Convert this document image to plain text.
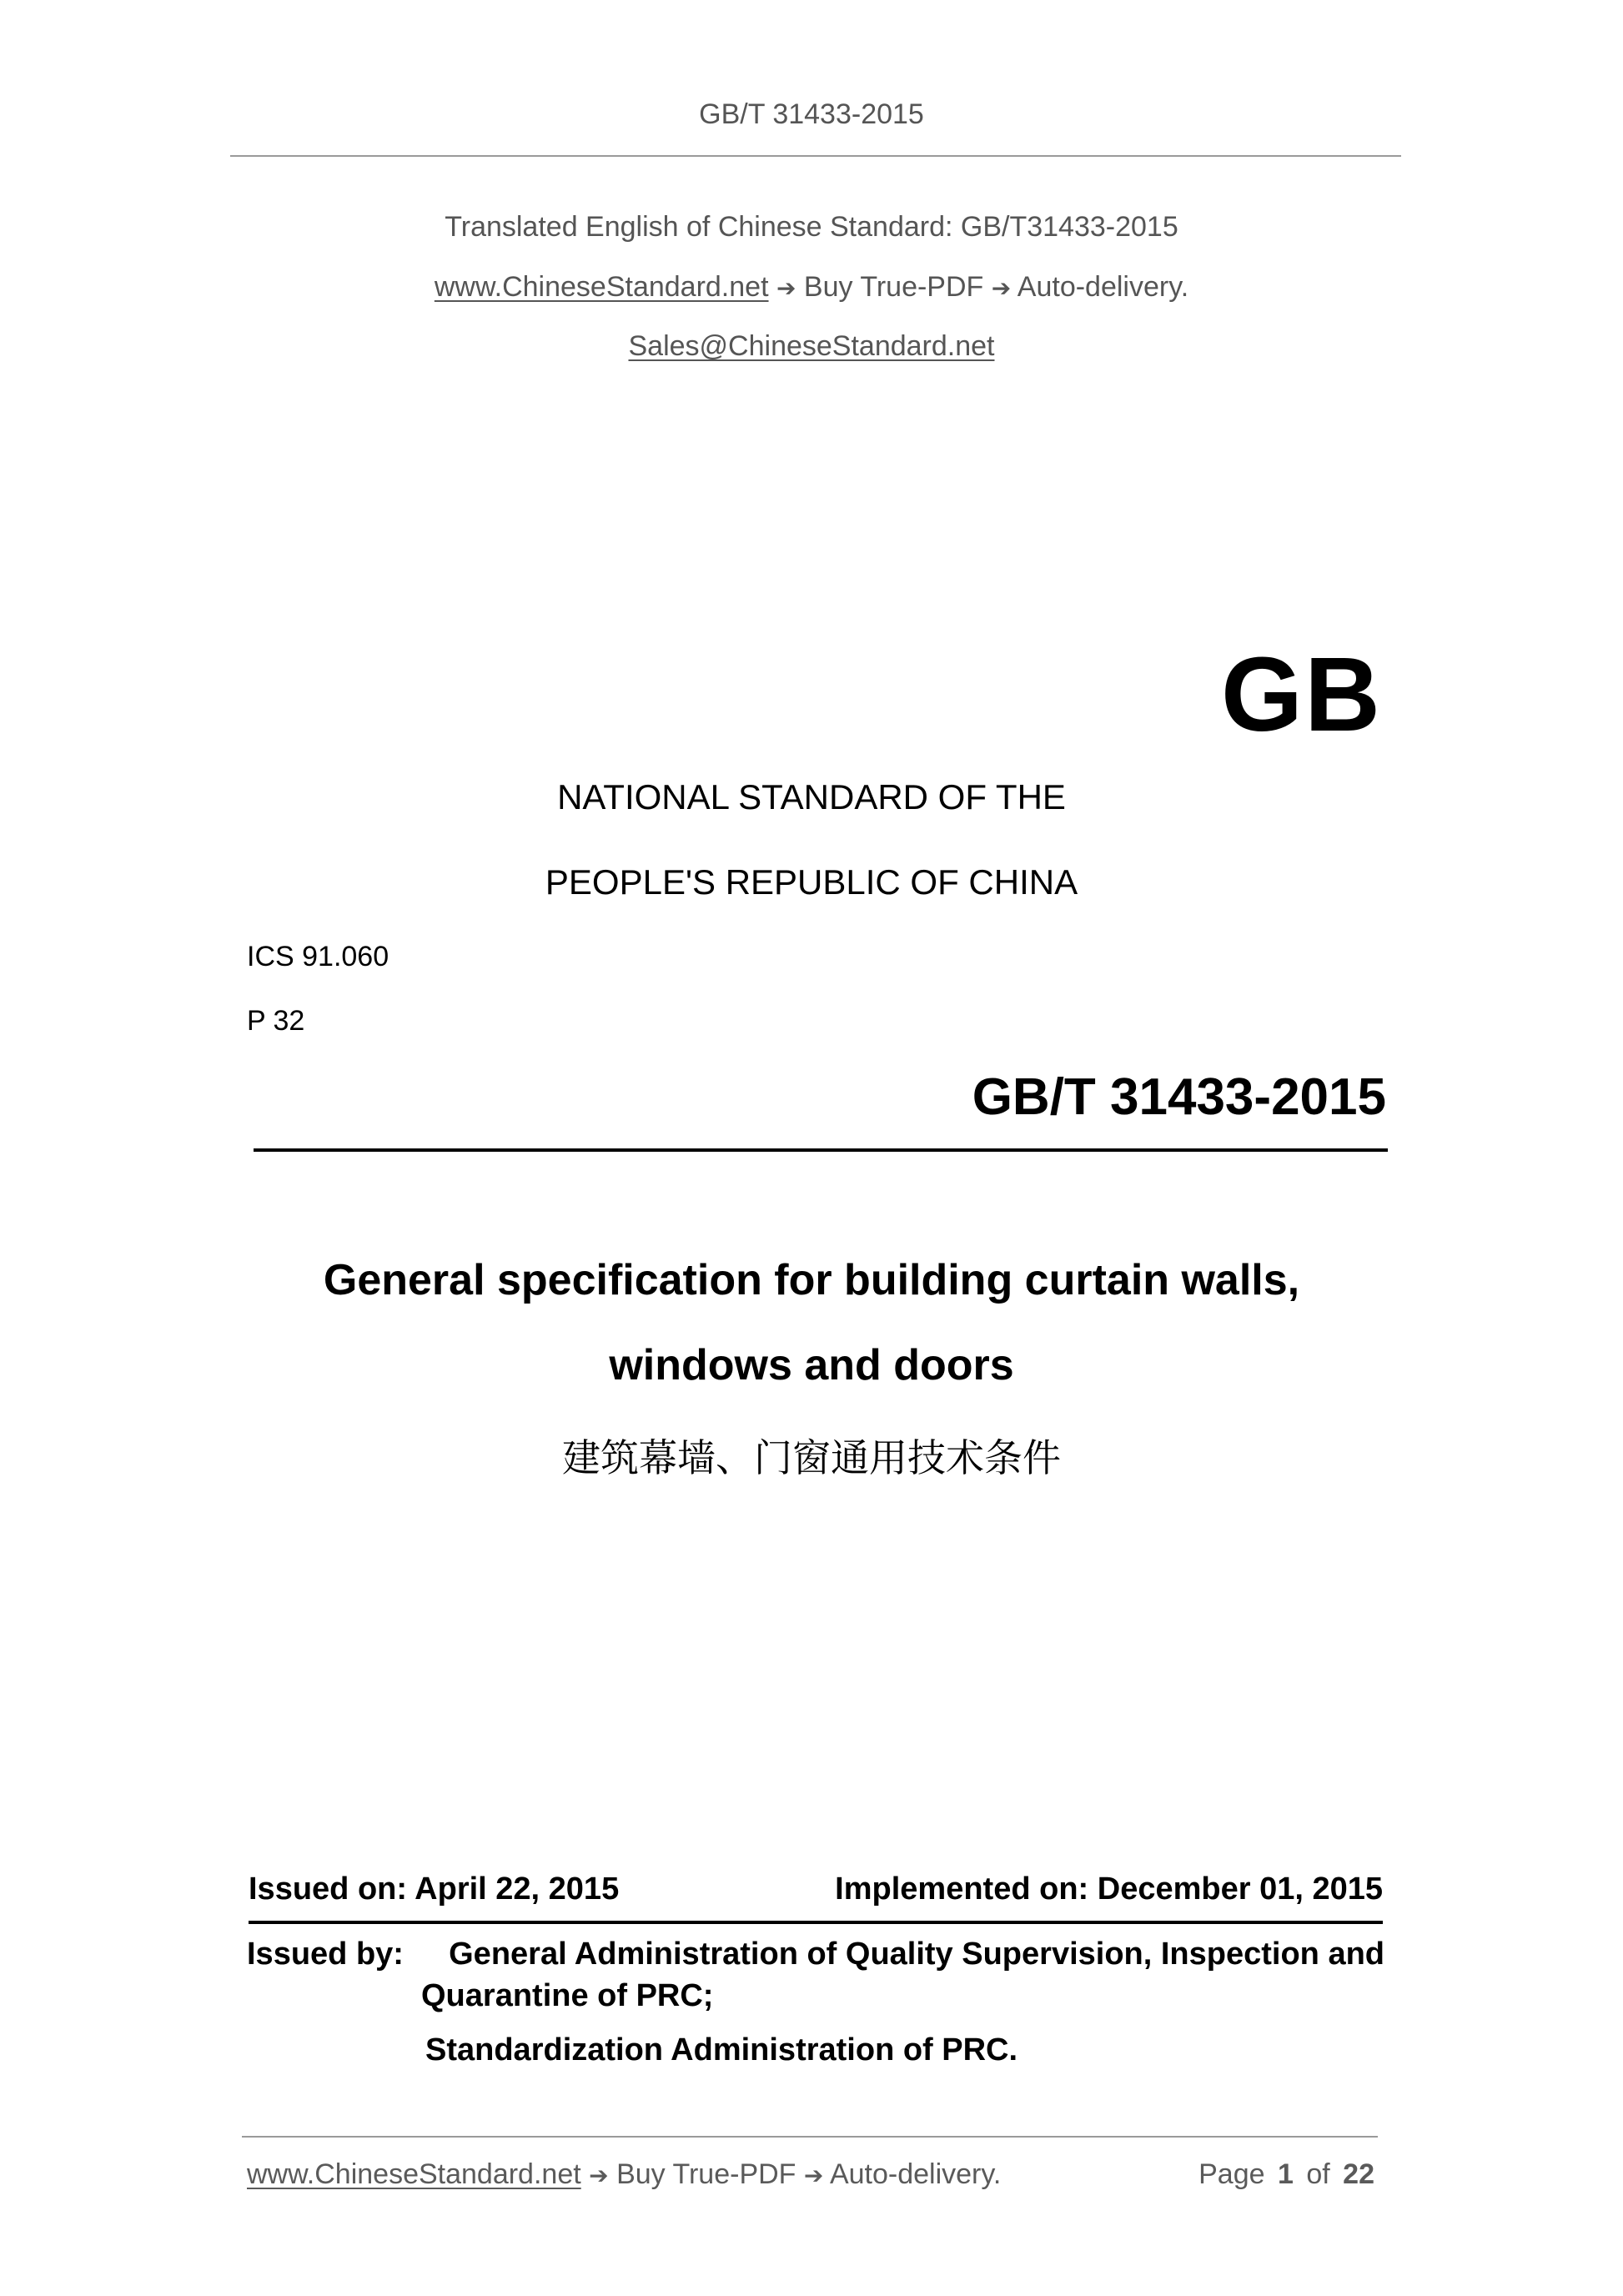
GB/T 31433-2015
Translated English of Chinese Standard: GB/T31433-2015
www.ChineseStandard.net ➔ Buy True-PDF ➔ Auto-delivery.
Sales@ChineseStandard.net
GB
NATIONAL STANDARD OF THE
PEOPLE'S REPUBLIC OF CHINA
ICS 91.060
P 32
GB/T 31433-2015
General specification for building curtain walls,
windows and doors
建筑幕墙、门窗通用技术条件
Issued on: April 22, 2015	Implemented on: December 01, 2015
Issued by: General Administration of Quality Supervision, Inspection and
Quarantine of PRC;
Standardization Administration of PRC.
www.ChineseStandard.net ➔ Buy True-PDF ➔ Auto-delivery.	Page 1 of 22
